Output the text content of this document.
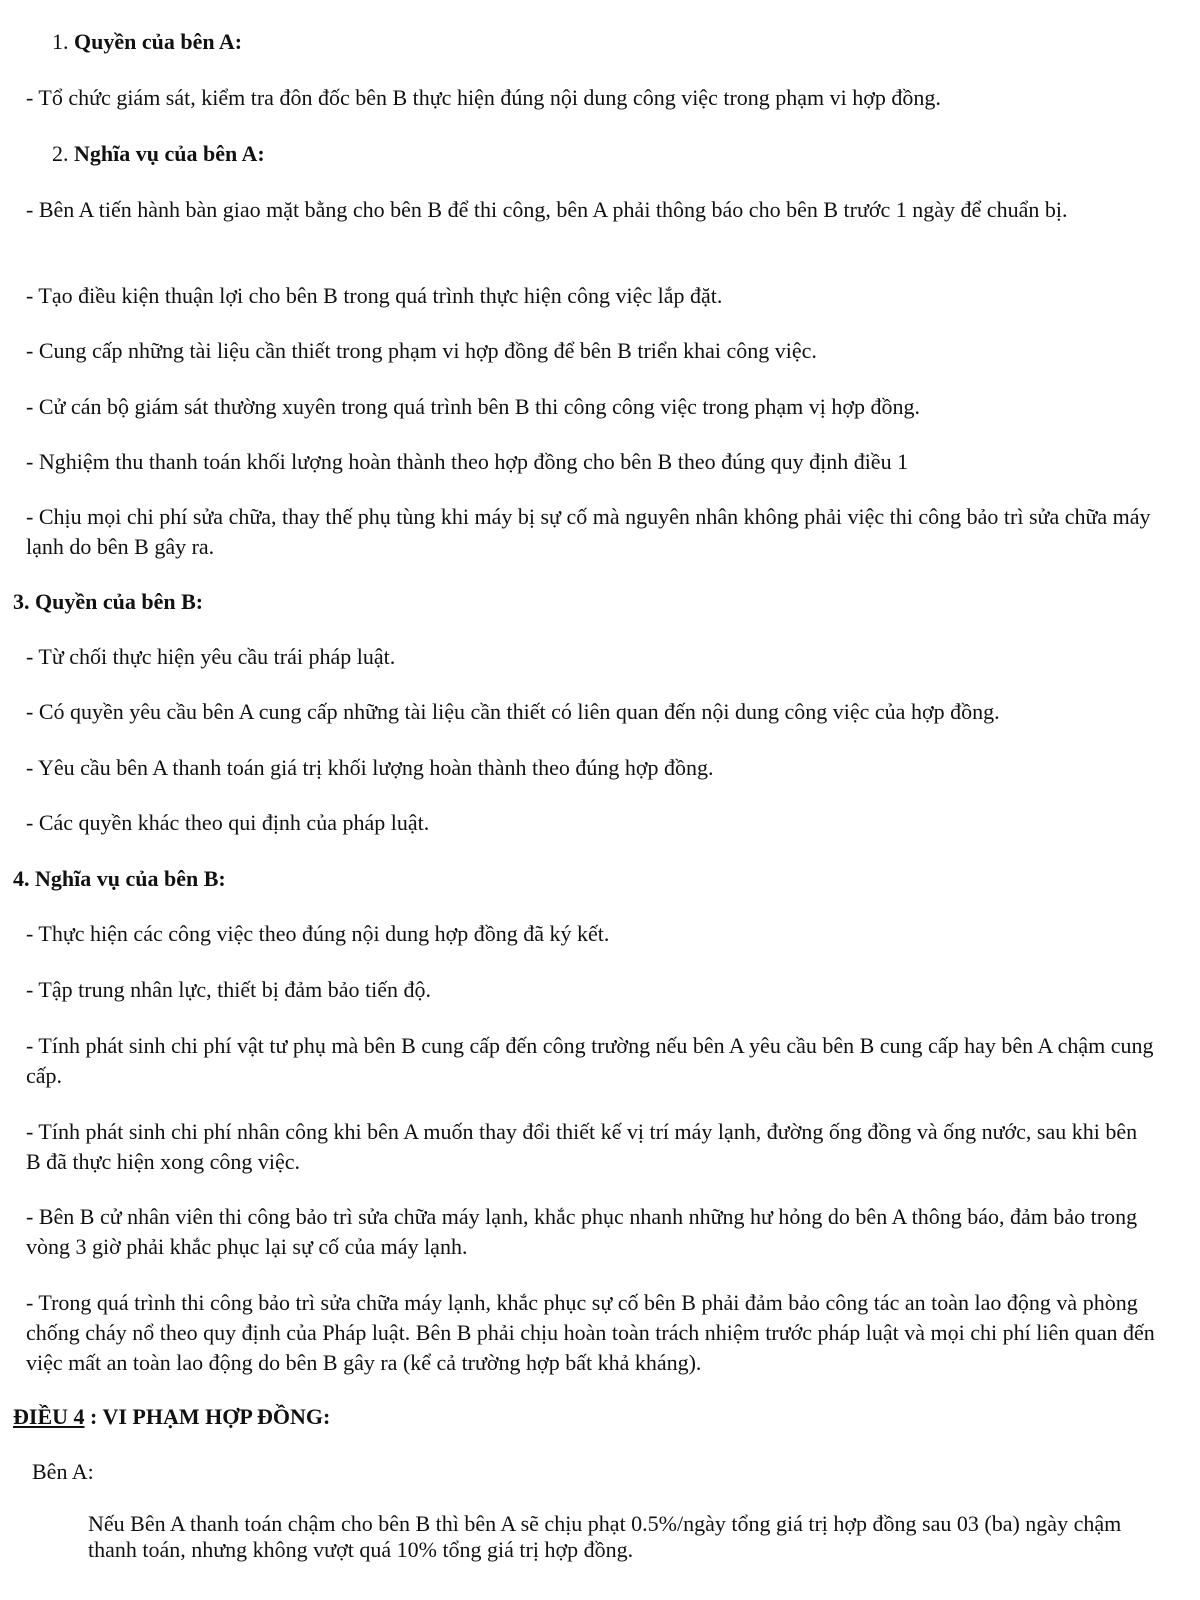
1. Quyền của bên A:
- Tổ chức giám sát, kiểm tra đôn đốc bên B thực hiện đúng nội dung công việc trong phạm vi hợp đồng.
2. Nghĩa vụ của bên A:
- Bên A tiến hành bàn giao mặt bằng cho bên B để thi công, bên A phải thông báo cho bên B trước 1 ngày để chuẩn bị.
- Tạo điều kiện thuận lợi cho bên B trong quá trình thực hiện công việc lắp đặt.
- Cung cấp những tài liệu cần thiết trong phạm vi hợp đồng để bên B triển khai công việc.
- Cử cán bộ giám sát thường xuyên trong quá trình bên B thi công công việc trong phạm vị hợp đồng.
- Nghiệm thu thanh toán khối lượng hoàn thành theo hợp đồng cho bên B theo đúng quy định điều 1
- Chịu mọi chi phí sửa chữa, thay thế phụ tùng khi máy bị sự cố mà nguyên nhân không phải việc thi công bảo trì sửa chữa máy lạnh do bên B gây ra.
3. Quyền của bên B:
- Từ chối thực hiện yêu cầu trái pháp luật.
- Có quyền yêu cầu bên A cung cấp những tài liệu cần thiết có liên quan đến nội dung công việc của hợp đồng.
- Yêu cầu bên A thanh toán giá trị khối lượng hoàn thành theo đúng hợp đồng.
- Các quyền khác theo qui định của pháp luật.
4. Nghĩa vụ của bên B:
- Thực hiện các công việc theo đúng nội dung hợp đồng đã ký kết.
- Tập trung nhân lực, thiết bị đảm bảo tiến độ.
- Tính phát sinh chi phí vật tư phụ mà bên B cung cấp đến công trường nếu bên A yêu cầu bên B cung cấp hay bên A chậm cung cấp.
- Tính phát sinh chi phí nhân công khi bên A muốn thay đổi thiết kế vị trí máy lạnh, đường ống đồng và ống nước, sau khi bên B đã thực hiện xong công việc.
- Bên B cử nhân viên thi công bảo trì sửa chữa máy lạnh, khắc phục nhanh những hư hỏng do bên A thông báo, đảm bảo trong vòng 3 giờ phải khắc phục lại sự cố của máy lạnh.
- Trong quá trình thi công bảo trì sửa chữa máy lạnh, khắc phục sự cố bên B phải đảm bảo công tác an toàn lao động và phòng chống cháy nổ theo quy định của Pháp luật. Bên B phải chịu hoàn toàn trách nhiệm trước pháp luật và mọi chi phí liên quan đến việc mất an toàn lao động do bên B gây ra (kể cả trường hợp bất khả kháng).
ĐIỀU 4 : VI PHẠM HỢP ĐỒNG:
Bên A:
Nếu Bên A thanh toán chậm cho bên B thì bên A sẽ chịu phạt 0.5%/ngày tổng giá trị hợp đồng sau 03 (ba) ngày chậm thanh toán, nhưng không vượt quá 10% tổng giá trị hợp đồng.
